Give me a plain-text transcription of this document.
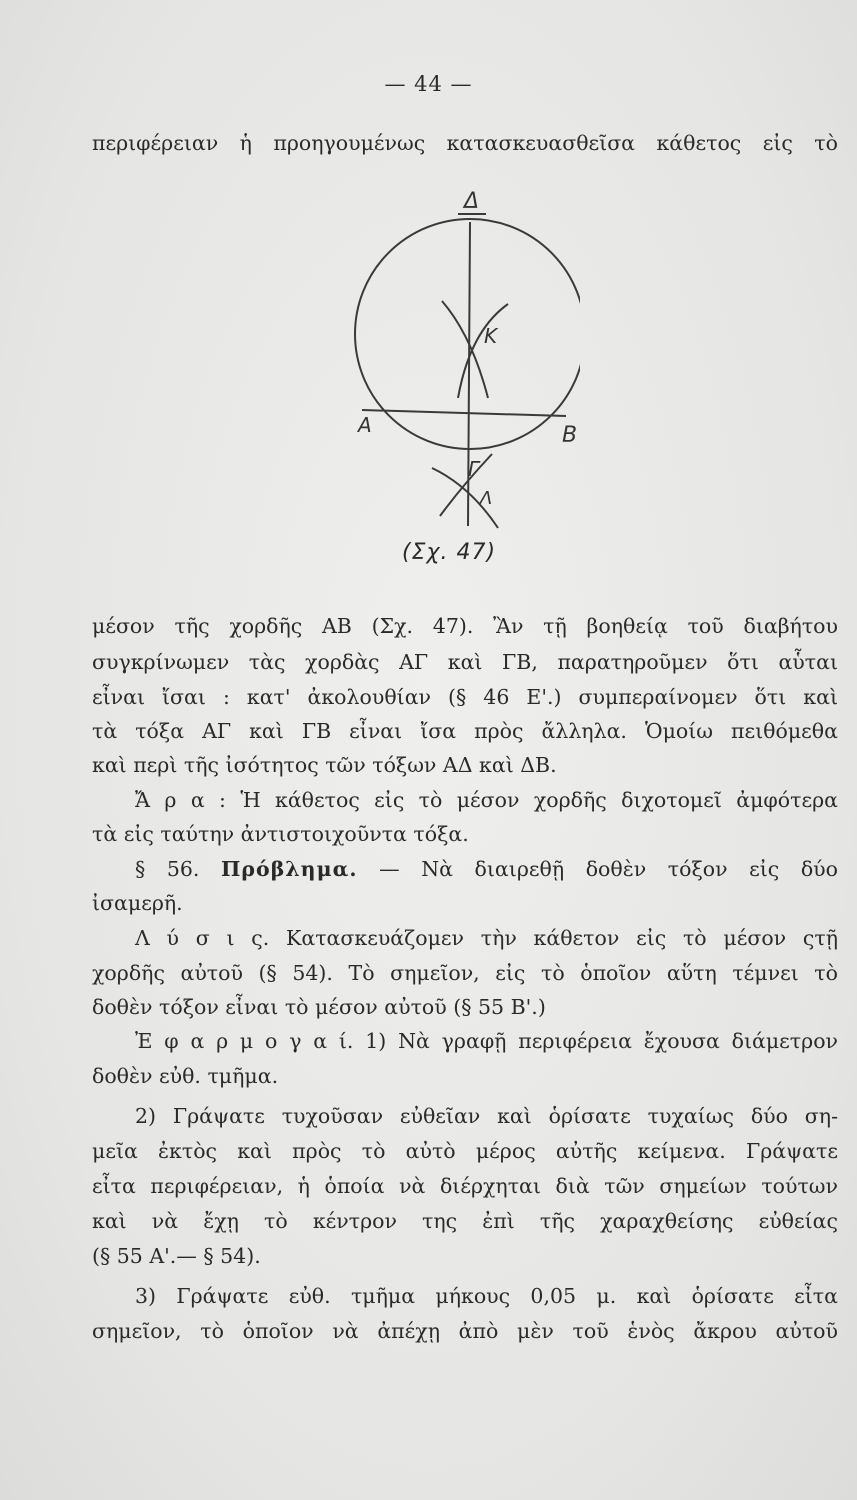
— 44 —
περιφέρειαν ἡ προηγουμένως κατασκευασθεῖσα κάθετος εἰς τὸ
Δ
Κ
Α	Β
Γ
Λ
(Σχ. 47)
μέσον τῆς χορδῆς ΑΒ (Σχ. 47). Ἂν τῇ βοηθείᾳ τοῦ διαβήτου
συγκρίνωμεν τὰς χορδὰς ΑΓ καὶ ΓΒ, παρατηροῦμεν ὅτι αὗται
εἶναι ἴσαι : κατ' ἀκολουθίαν (§ 46 Ε'.) συμπεραίνομεν ὅτι καὶ
τὰ τόξα ΑΓ καὶ ΓΒ εἶναι ἴσα πρὸς ἄλληλα. Ὁμοίω πειθόμεθα
καὶ περὶ τῆς ἰσότητος τῶν τόξων ΑΔ καὶ ΔΒ.
Ἄ ρ α : Ἡ κάθετος εἰς τὸ μέσον χορδῆς διχοτομεῖ ἀμφότερα
τὰ εἰς ταύτην ἀντιστοιχοῦντα τόξα.
§ 56. Πρόβλημα. — Νὰ διαιρεθῇ δοθὲν τόξον εἰς δύο
ἰσαμερῆ.
Λ ύ σ ι ς. Κατασκευάζομεν τὴν κάθετον εἰς τὸ μέσον ςτῇ
χορδῆς αὐτοῦ (§ 54). Τὸ σημεῖον, εἰς τὸ ὁποῖον αὕτη τέμνει τὸ
δοθὲν τόξον εἶναι τὸ μέσον αὐτοῦ (§ 55 Β'.)
Ἐ φ α ρ μ ο γ α ί. 1) Νὰ γραφῇ περιφέρεια ἔχουσα διάμετρον
δοθὲν εὐθ. τμῆμα.
2) Γράψατε τυχοῦσαν εὐθεῖαν καὶ ὁρίσατε τυχαίως δύο ση-
μεῖα ἐκτὸς καὶ πρὸς τὸ αὐτὸ μέρος αὐτῆς κείμενα. Γράψατε
εἶτα περιφέρειαν, ἡ ὁποία νὰ διέρχηται διὰ τῶν σημείων τούτων
καὶ νὰ ἔχῃ τὸ κέντρον της ἐπὶ τῆς χαραχθείσης εὐθείας
(§ 55 Α'.— § 54).
3) Γράψατε εὐθ. τμῆμα μήκους 0,05 μ. καὶ ὁρίσατε εἶτα
σημεῖον, τὸ ὁποῖον νὰ ἀπέχῃ ἀπὸ μὲν τοῦ ἑνὸς ἄκρου αὐτοῦ
